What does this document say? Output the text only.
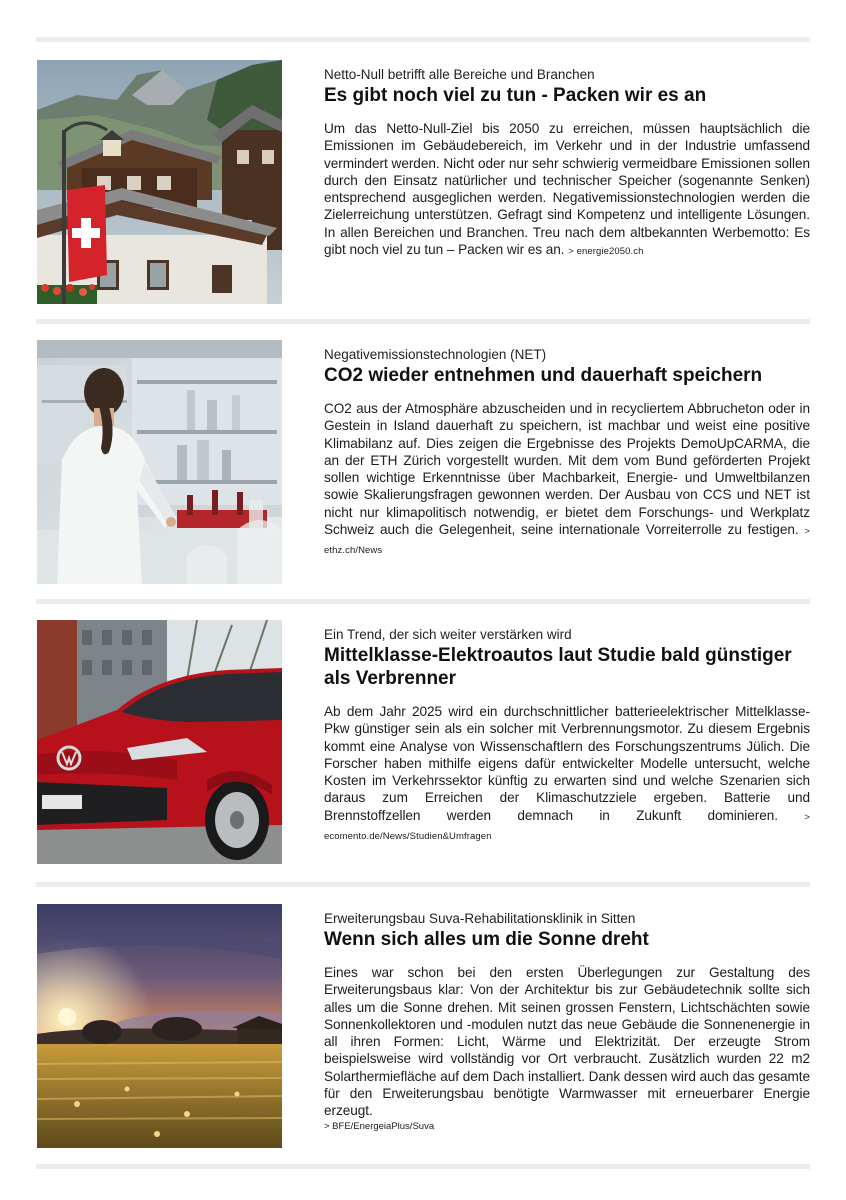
Netto-Null betrifft alle Bereiche und Branchen

Es gibt noch viel zu tun - Packen wir es an

Um das Netto-Null-Ziel bis 2050 zu erreichen, müssen hauptsächlich die Emissionen im Gebäudebereich, im Verkehr und in der Industrie umfassend vermindert werden. Nicht oder nur sehr schwierig vermeidbare Emissionen sollen durch den Einsatz natürlicher und technischer Speicher (sogenannte Senken) entsprechend ausgeglichen werden. Negativemissionstechnologien werden die Zielerreichung unterstützen. Gefragt sind Kompetenz und intelligente Lösungen. In allen Bereichen und Branchen. Treu nach dem altbekannten Werbemotto: Es gibt noch viel zu tun – Packen wir es an. > energie2050.ch

Negativemissionstechnologien (NET)

CO2 wieder entnehmen und dauerhaft speichern

CO2 aus der Atmosphäre abzuscheiden und in recycliertem Abbrucheton oder in Gestein in Island dauerhaft zu speichern, ist machbar und weist eine positive Klimabilanz auf. Dies zeigen die Ergebnisse des Projekts DemoUpCARMA, die an der ETH Zürich vorgestellt wurden. Mit dem vom Bund geförderten Projekt sollen wichtige Erkenntnisse über Machbarkeit, Energie- und Umweltbilanzen sowie Skalierungsfragen gewonnen werden. Der Ausbau von CCS und NET ist nicht nur klimapolitisch notwendig, er bietet dem Forschungs- und Werkplatz Schweiz auch die Gelegenheit, seine internationale Vorreiterrolle zu festigen. > ethz.ch/News

Ein Trend, der sich weiter verstärken wird

Mittelklasse-Elektroautos laut Studie bald günstiger als Verbrenner

Ab dem Jahr 2025 wird ein durchschnittlicher batterieelektrischer Mittelklasse-Pkw günstiger sein als ein solcher mit Verbrennungsmotor. Zu diesem Ergebnis kommt eine Analyse von Wissenschaftlern des Forschungszentrums Jülich. Die Forscher haben mithilfe eigens dafür entwickelter Modelle untersucht, welche Kosten im Verkehrssektor künftig zu erwarten sind und welche Szenarien sich daraus zum Erreichen der Klimaschutzziele ergeben. Batterie und Brennstoffzellen werden demnach in Zukunft dominieren.	> ecomento.de/News/Studien&Umfragen

Erweiterungsbau Suva-Rehabilitationsklinik in Sitten

Wenn sich alles um die Sonne dreht

Eines war schon bei den ersten Überlegungen zur Gestaltung des Erweiterungsbaus klar: Von der Architektur bis zur Gebäudetechnik sollte sich alles um die Sonne drehen. Mit seinen grossen Fenstern, Lichtschächten sowie Sonnenkollektoren und -modulen nutzt das neue Gebäude die Sonnenenergie in all ihren Formen: Licht, Wärme und Elektrizität. Der erzeugte Strom beispielsweise wird vollständig vor Ort verbraucht. Zusätzlich wurden 22 m2 Solarthermiefläche auf dem Dach installiert. Dank dessen wird auch das gesamte für den Erweiterungsbau benötigte Warmwasser mit erneuerbarer Energie erzeugt.

> BFE/EnergeiaPlus/Suva
